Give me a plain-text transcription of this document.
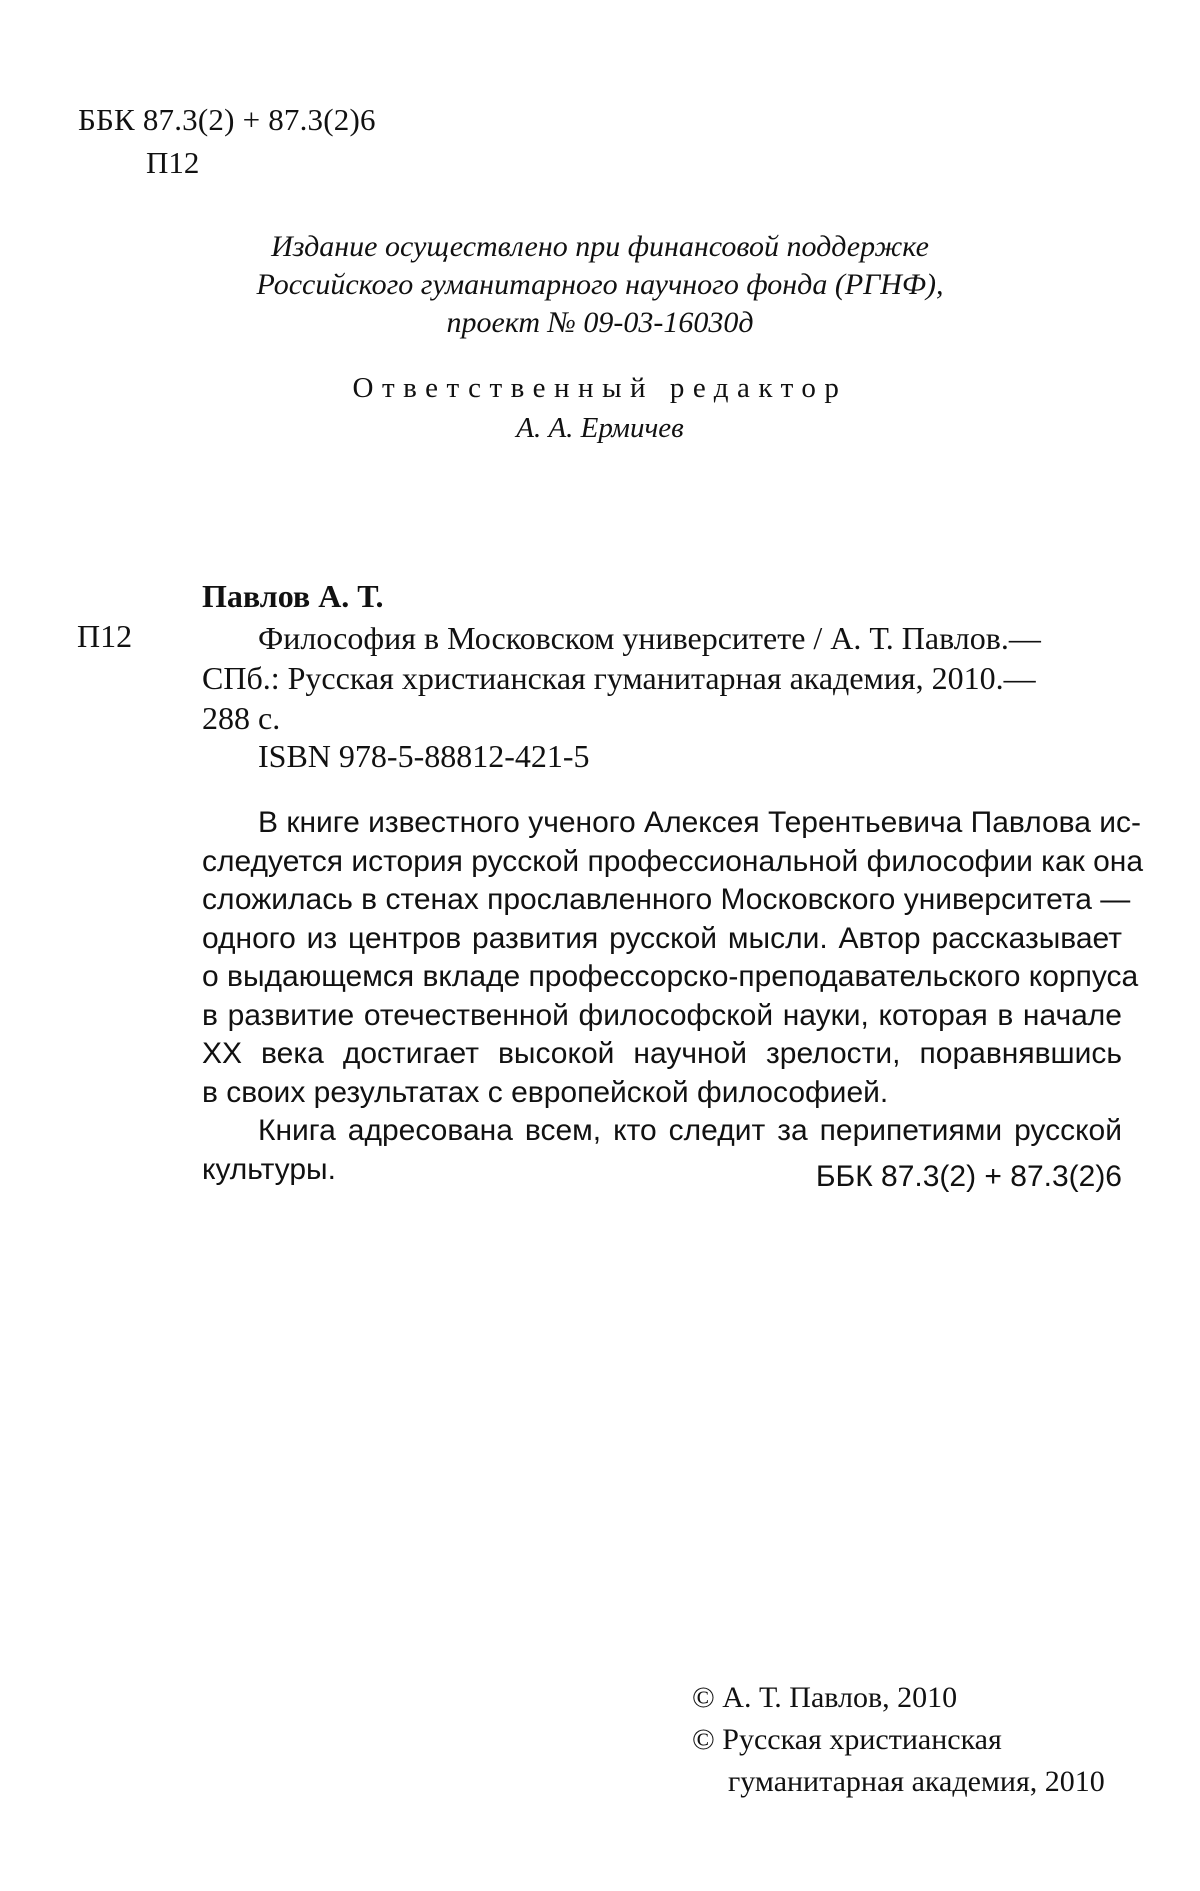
ББК 87.3(2) + 87.3(2)6
П12
Издание осуществлено при финансовой поддержке
Российского гуманитарного научного фонда (РГНФ),
проект № 09-03-16030д
Ответственный редактор
А. А. Ермичев
Павлов А. Т.
П12	Философия в Московском университете / А. Т. Павлов.—
СПб.: Русская христианская гуманитарная академия, 2010.—
288 с.
ISBN 978-5-88812-421-5
В книге известного ученого Алексея Терентьевича Павлова ис-
следуется история русской профессиональной философии как она
сложилась в стенах прославленного Московского университета —
одного из центров развития русской мысли. Автор рассказывает
о выдающемся вкладе профессорско-преподавательского корпуса
в развитие отечественной философской науки, которая в начале
XX века достигает высокой научной зрелости, поравнявшись
в своих результатах с европейской философией.
Книга адресована всем, кто следит за перипетиями русской
культуры.	ББК 87.3(2) + 87.3(2)6
© А. Т. Павлов, 2010
© Русская христианская
гуманитарная академия, 2010
